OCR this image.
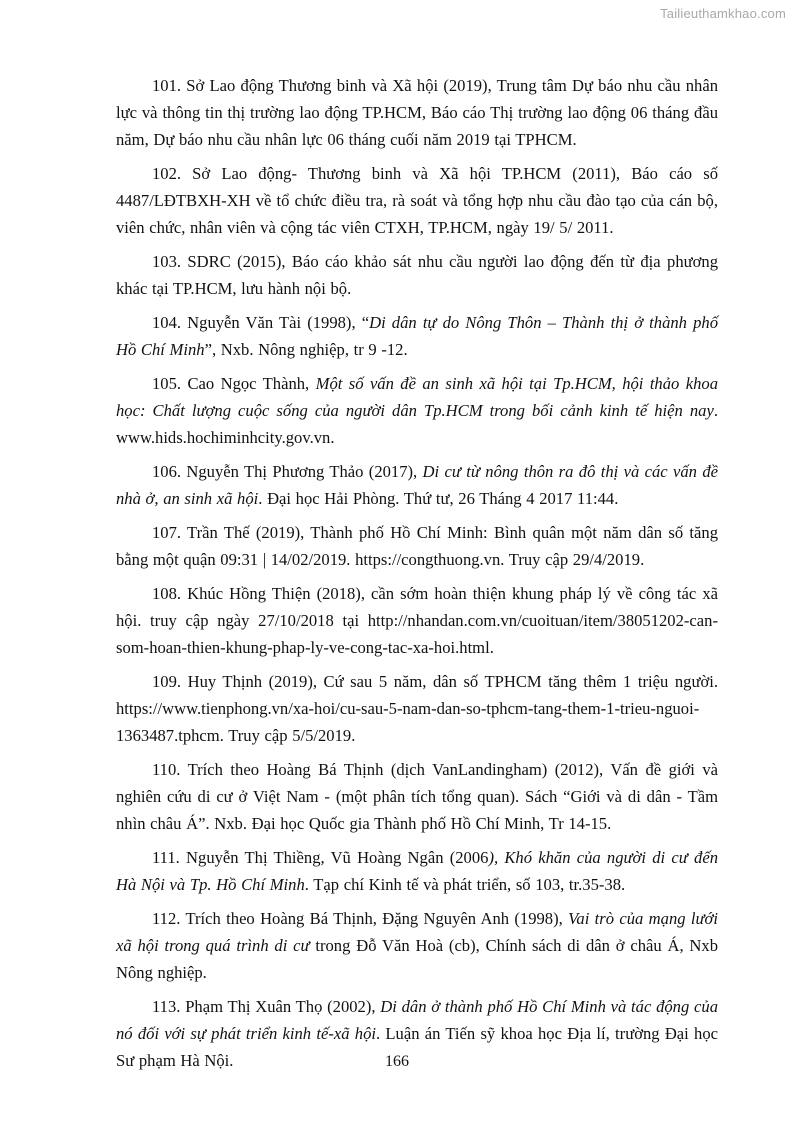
Tailieuthamkhao.com

101. Sở Lao động Thương binh và Xã hội (2019), Trung tâm Dự báo nhu cầu nhân lực và thông tin thị trường lao động TP.HCM, Báo cáo Thị trường lao động 06 tháng đầu năm, Dự báo nhu cầu nhân lực 06 tháng cuối năm 2019 tại TPHCM.

102. Sở Lao động- Thương binh và Xã hội TP.HCM (2011), Báo cáo số 4487/LĐTBXH-XH về tổ chức điều tra, rà soát và tổng hợp nhu cầu đào tạo của cán bộ, viên chức, nhân viên và cộng tác viên CTXH, TP.HCM, ngày 19/ 5/ 2011.

103. SDRC (2015), Báo cáo khảo sát nhu cầu người lao động đến từ địa phương khác tại TP.HCM, lưu hành nội bộ.

104. Nguyễn Văn Tài (1998), “Di dân tự do Nông Thôn – Thành thị ở thành phố Hồ Chí Minh”, Nxb. Nông nghiệp, tr 9 -12.

105. Cao Ngọc Thành, Một số vấn đề an sinh xã hội tại Tp.HCM, hội thảo khoa học: Chất lượng cuộc sống của người dân Tp.HCM trong bối cảnh kinh tế hiện nay. www.hids.hochiminhcity.gov.vn.

106. Nguyễn Thị Phương Thảo (2017), Di cư từ nông thôn ra đô thị và các vấn đề nhà ở, an sinh xã hội. Đại học Hải Phòng. Thứ tư, 26 Tháng 4 2017 11:44.

107. Trần Thế (2019), Thành phố Hồ Chí Minh: Bình quân một năm dân số tăng bằng một quận 09:31 | 14/02/2019. https://congthuong.vn. Truy cập 29/4/2019.

108. Khúc Hồng Thiện (2018), cần sớm hoàn thiện khung pháp lý về công tác xã hội. truy cập ngày 27/10/2018 tại http://nhandan.com.vn/cuoituan/item/38051202-can-som-hoan-thien-khung-phap-ly-ve-cong-tac-xa-hoi.html.

109. Huy Thịnh (2019), Cứ sau 5 năm, dân số TPHCM tăng thêm 1 triệu người. https://www.tienphong.vn/xa-hoi/cu-sau-5-nam-dan-so-tphcm-tang-them-1-trieu-nguoi-1363487.tphcm. Truy cập 5/5/2019.

110. Trích theo Hoàng Bá Thịnh (dịch VanLandingham) (2012), Vấn đề giới và nghiên cứu di cư ở Việt Nam - (một phân tích tổng quan). Sách “Giới và di dân - Tầm nhìn châu Á”. Nxb. Đại học Quốc gia Thành phố Hồ Chí Minh, Tr 14-15.

111. Nguyễn Thị Thiềng, Vũ Hoàng Ngân (2006), Khó khăn của người di cư đến Hà Nội và Tp. Hồ Chí Minh. Tạp chí Kinh tế và phát triển, số 103, tr.35-38.

112. Trích theo Hoàng Bá Thịnh, Đặng Nguyên Anh (1998), Vai trò của mạng lưới xã hội trong quá trình di cư trong Đỗ Văn Hoà (cb), Chính sách di dân ở châu Á, Nxb Nông nghiệp.

113. Phạm Thị Xuân Thọ (2002), Di dân ở thành phố Hồ Chí Minh và tác động của nó đối với sự phát triển kinh tế-xã hội. Luận án Tiến sỹ khoa học Địa lí, trường Đại học Sư phạm Hà Nội.	166
